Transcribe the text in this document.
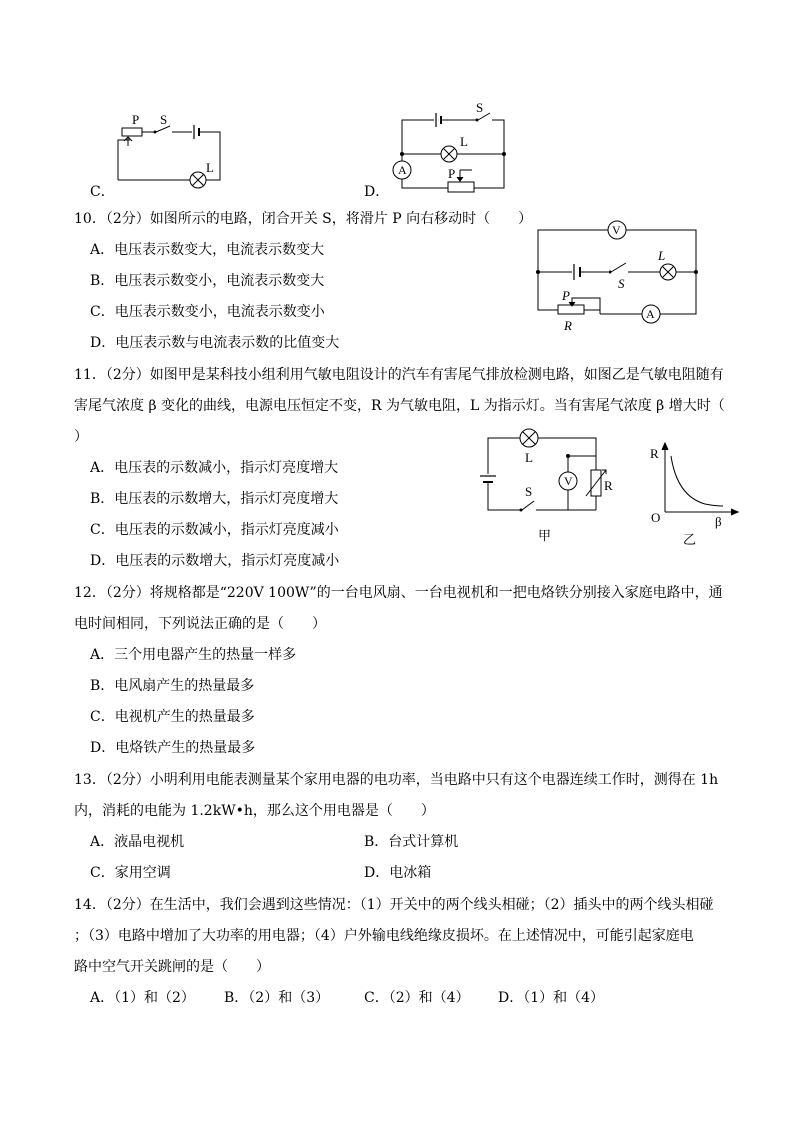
C．
P S
L
D．
S
L
A	P
10．（2分）如图所示的电路，闭合开关 S，将滑片 P 向右移动时（　　）
A．电压表示数变大，电流表示数变大
B．电压表示数变小，电流表示数变大
C．电压表示数变小，电流表示数变小
D．电压表示数与电流表示数的比值变大
V
L
S
P
R
A
11．（2分）如图甲是某科技小组利用气敏电阻设计的汽车有害尾气排放检测电路，如图乙是气敏电阻随有
害尾气浓度 β 变化的曲线，电源电压恒定不变，R 为气敏电阻，L 为指示灯。当有害尾气浓度 β 增大时（
）
A．电压表的示数减小，指示灯亮度增大
B．电压表的示数增大，指示灯亮度增大
C．电压表的示数减小，指示灯亮度减小
D．电压表的示数增大，指示灯亮度减小
L
V R
S
甲
R
O	β
乙
12．（2分）将规格都是“220V 100W”的一台电风扇、一台电视机和一把电烙铁分别接入家庭电路中，通
电时间相同，下列说法正确的是（　　）
A．三个用电器产生的热量一样多
B．电风扇产生的热量最多
C．电视机产生的热量最多
D．电烙铁产生的热量最多
13．（2分）小明利用电能表测量某个家用电器的电功率，当电路中只有这个电器连续工作时，测得在 1h
内，消耗的电能为 1.2kW•h，那么这个用电器是（　　）
A．液晶电视机	B．台式计算机
C．家用空调	D．电冰箱
14．（2分）在生活中，我们会遇到这些情况：（1）开关中的两个线头相碰；（2）插头中的两个线头相碰
；（3）电路中增加了大功率的用电器；（4）户外输电线绝缘皮损坏。在上述情况中，可能引起家庭电
路中空气开关跳闸的是（　　）
A．（1）和（2） B．（2）和（3） C．（2）和（4） D．（1）和（4）
